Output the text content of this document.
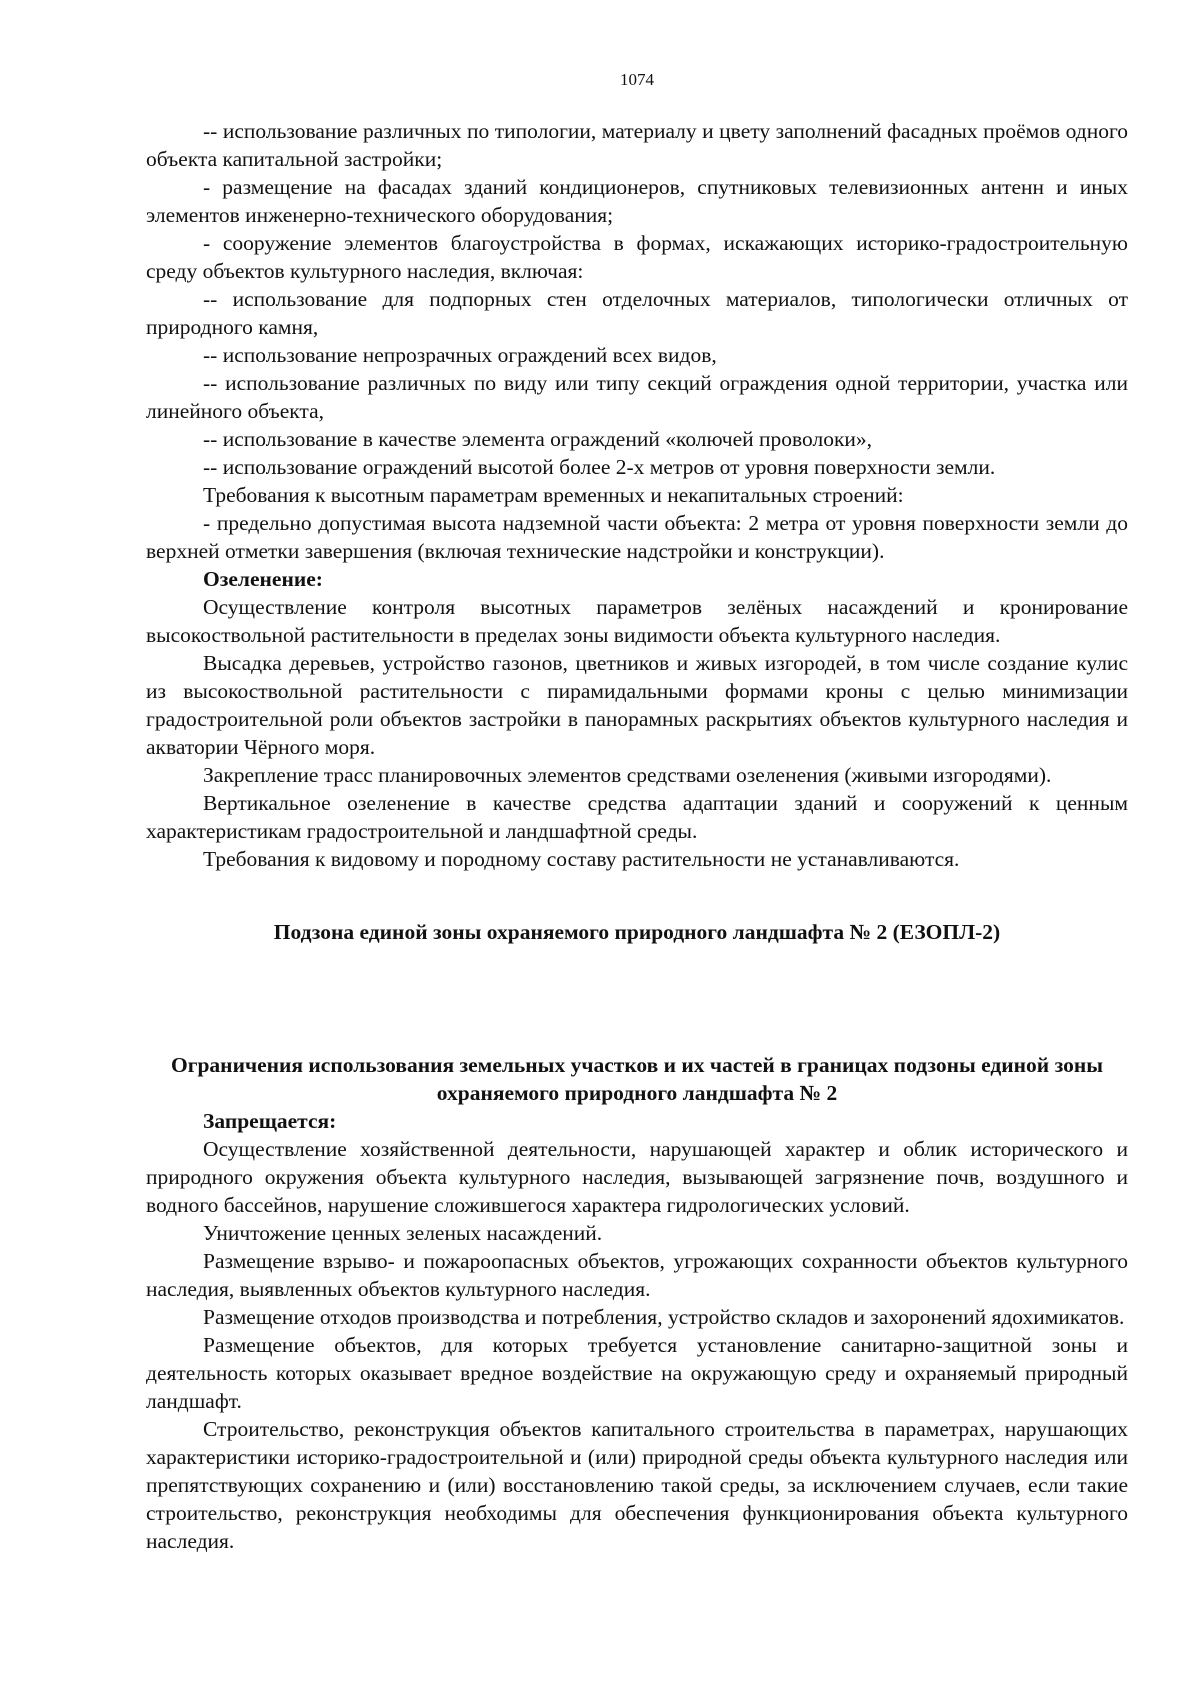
1074

-- использование различных по типологии, материалу и цвету заполнений фасадных проёмов одного объекта капитальной застройки;

- размещение на фасадах зданий кондиционеров, спутниковых телевизионных антенн и иных элементов инженерно-технического оборудования;

- сооружение элементов благоустройства в формах, искажающих историко-градостроительную среду объектов культурного наследия, включая:

-- использование для подпорных стен отделочных материалов, типологически отличных от природного камня,

-- использование непрозрачных ограждений всех видов,

-- использование различных по виду или типу секций ограждения одной территории, участка или линейного объекта,

-- использование в качестве элемента ограждений «колючей проволоки»,

-- использование ограждений высотой более 2-х метров от уровня поверхности земли.

Требования к высотным параметрам временных и некапитальных строений:

- предельно допустимая высота надземной части объекта: 2 метра от уровня поверхности земли до верхней отметки завершения (включая технические надстройки и конструкции).

Озеленение:

Осуществление контроля высотных параметров зелёных насаждений и кронирование высокоствольной растительности в пределах зоны видимости объекта культурного наследия.

Высадка деревьев, устройство газонов, цветников и живых изгородей, в том числе создание кулис из высокоствольной растительности с пирамидальными формами кроны с целью минимизации градостроительной роли объектов застройки в панорамных раскрытиях объектов культурного наследия и акватории Чёрного моря.

Закрепление трасс планировочных элементов средствами озеленения (живыми изгородями).

Вертикальное озеленение в качестве средства адаптации зданий и сооружений к ценным характеристикам градостроительной и ландшафтной среды.

Требования к видовому и породному составу растительности не устанавливаются.

Подзона единой зоны охраняемого природного ландшафта № 2 (ЕЗОПЛ-2)

Ограничения использования земельных участков и их частей в границах подзоны единой зоны охраняемого природного ландшафта № 2

Запрещается:

Осуществление хозяйственной деятельности, нарушающей характер и облик исторического и природного окружения объекта культурного наследия, вызывающей загрязнение почв, воздушного и водного бассейнов, нарушение сложившегося характера гидрологических условий.

Уничтожение ценных зеленых насаждений.

Размещение взрыво- и пожароопасных объектов, угрожающих сохранности объектов культурного наследия, выявленных объектов культурного наследия.

Размещение отходов производства и потребления, устройство складов и захоронений ядохимикатов.

Размещение объектов, для которых требуется установление санитарно-защитной зоны и деятельность которых оказывает вредное воздействие на окружающую среду и охраняемый природный ландшафт.

Строительство, реконструкция объектов капитального строительства в параметрах, нарушающих характеристики историко-градостроительной и (или) природной среды объекта культурного наследия или препятствующих сохранению и (или) восстановлению такой среды, за исключением случаев, если такие строительство, реконструкция необходимы для обеспечения функционирования объекта культурного наследия.
